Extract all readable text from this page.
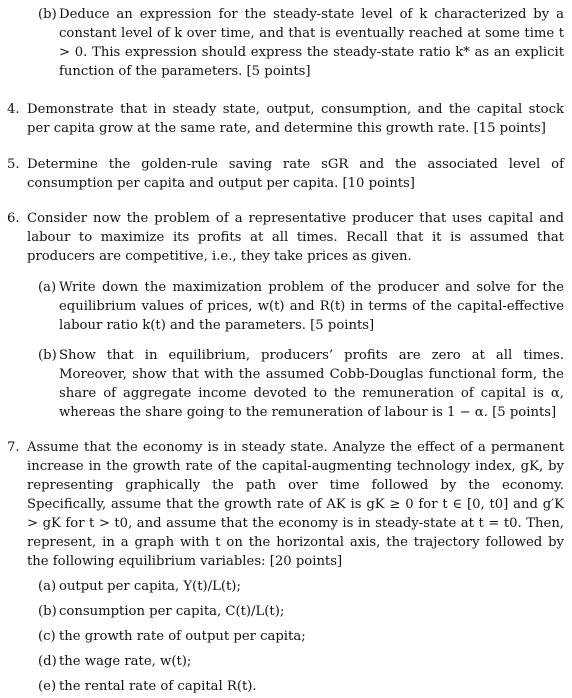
(b) Deduce an expression for the steady-state level of k characterized by a constant level of k over time, and that is eventually reached at some time t > 0. This expression should express the steady-state ratio k* as an explicit function of the parameters. [5 points]

4. Demonstrate that in steady state, output, consumption, and the capital stock per capita grow at the same rate, and determine this growth rate. [15 points]

5. Determine the golden-rule saving rate sGR and the associated level of consumption per capita and output per capita. [10 points]

6. Consider now the problem of a representative producer that uses capital and labour to maximize its profits at all times. Recall that it is assumed that producers are competitive, i.e., they take prices as given.

(a) Write down the maximization problem of the producer and solve for the equilibrium values of prices, w(t) and R(t) in terms of the capital-effective labour ratio k(t) and the parameters. [5 points]

(b) Show that in equilibrium, producers’ profits are zero at all times. Moreover, show that with the assumed Cobb-Douglas functional form, the share of aggregate income devoted to the remuneration of capital is α, whereas the share going to the remuneration of labour is 1 − α. [5 points]

7. Assume that the economy is in steady state. Analyze the effect of a permanent increase in the growth rate of the capital-augmenting technology index, gK, by representing graphically the path over time followed by the economy. Specifically, assume that the growth rate of AK is gK ≥ 0 for t ∈ [0, t0] and g′K > gK for t > t0, and assume that the economy is in steady-state at t = t0. Then, represent, in a graph with t on the horizontal axis, the trajectory followed by the following equilibrium variables: [20 points]

(a) output per capita, Y(t)/L(t);

(b) consumption per capita, C(t)/L(t);

(c) the growth rate of output per capita;

(d) the wage rate, w(t);

(e) the rental rate of capital R(t).
